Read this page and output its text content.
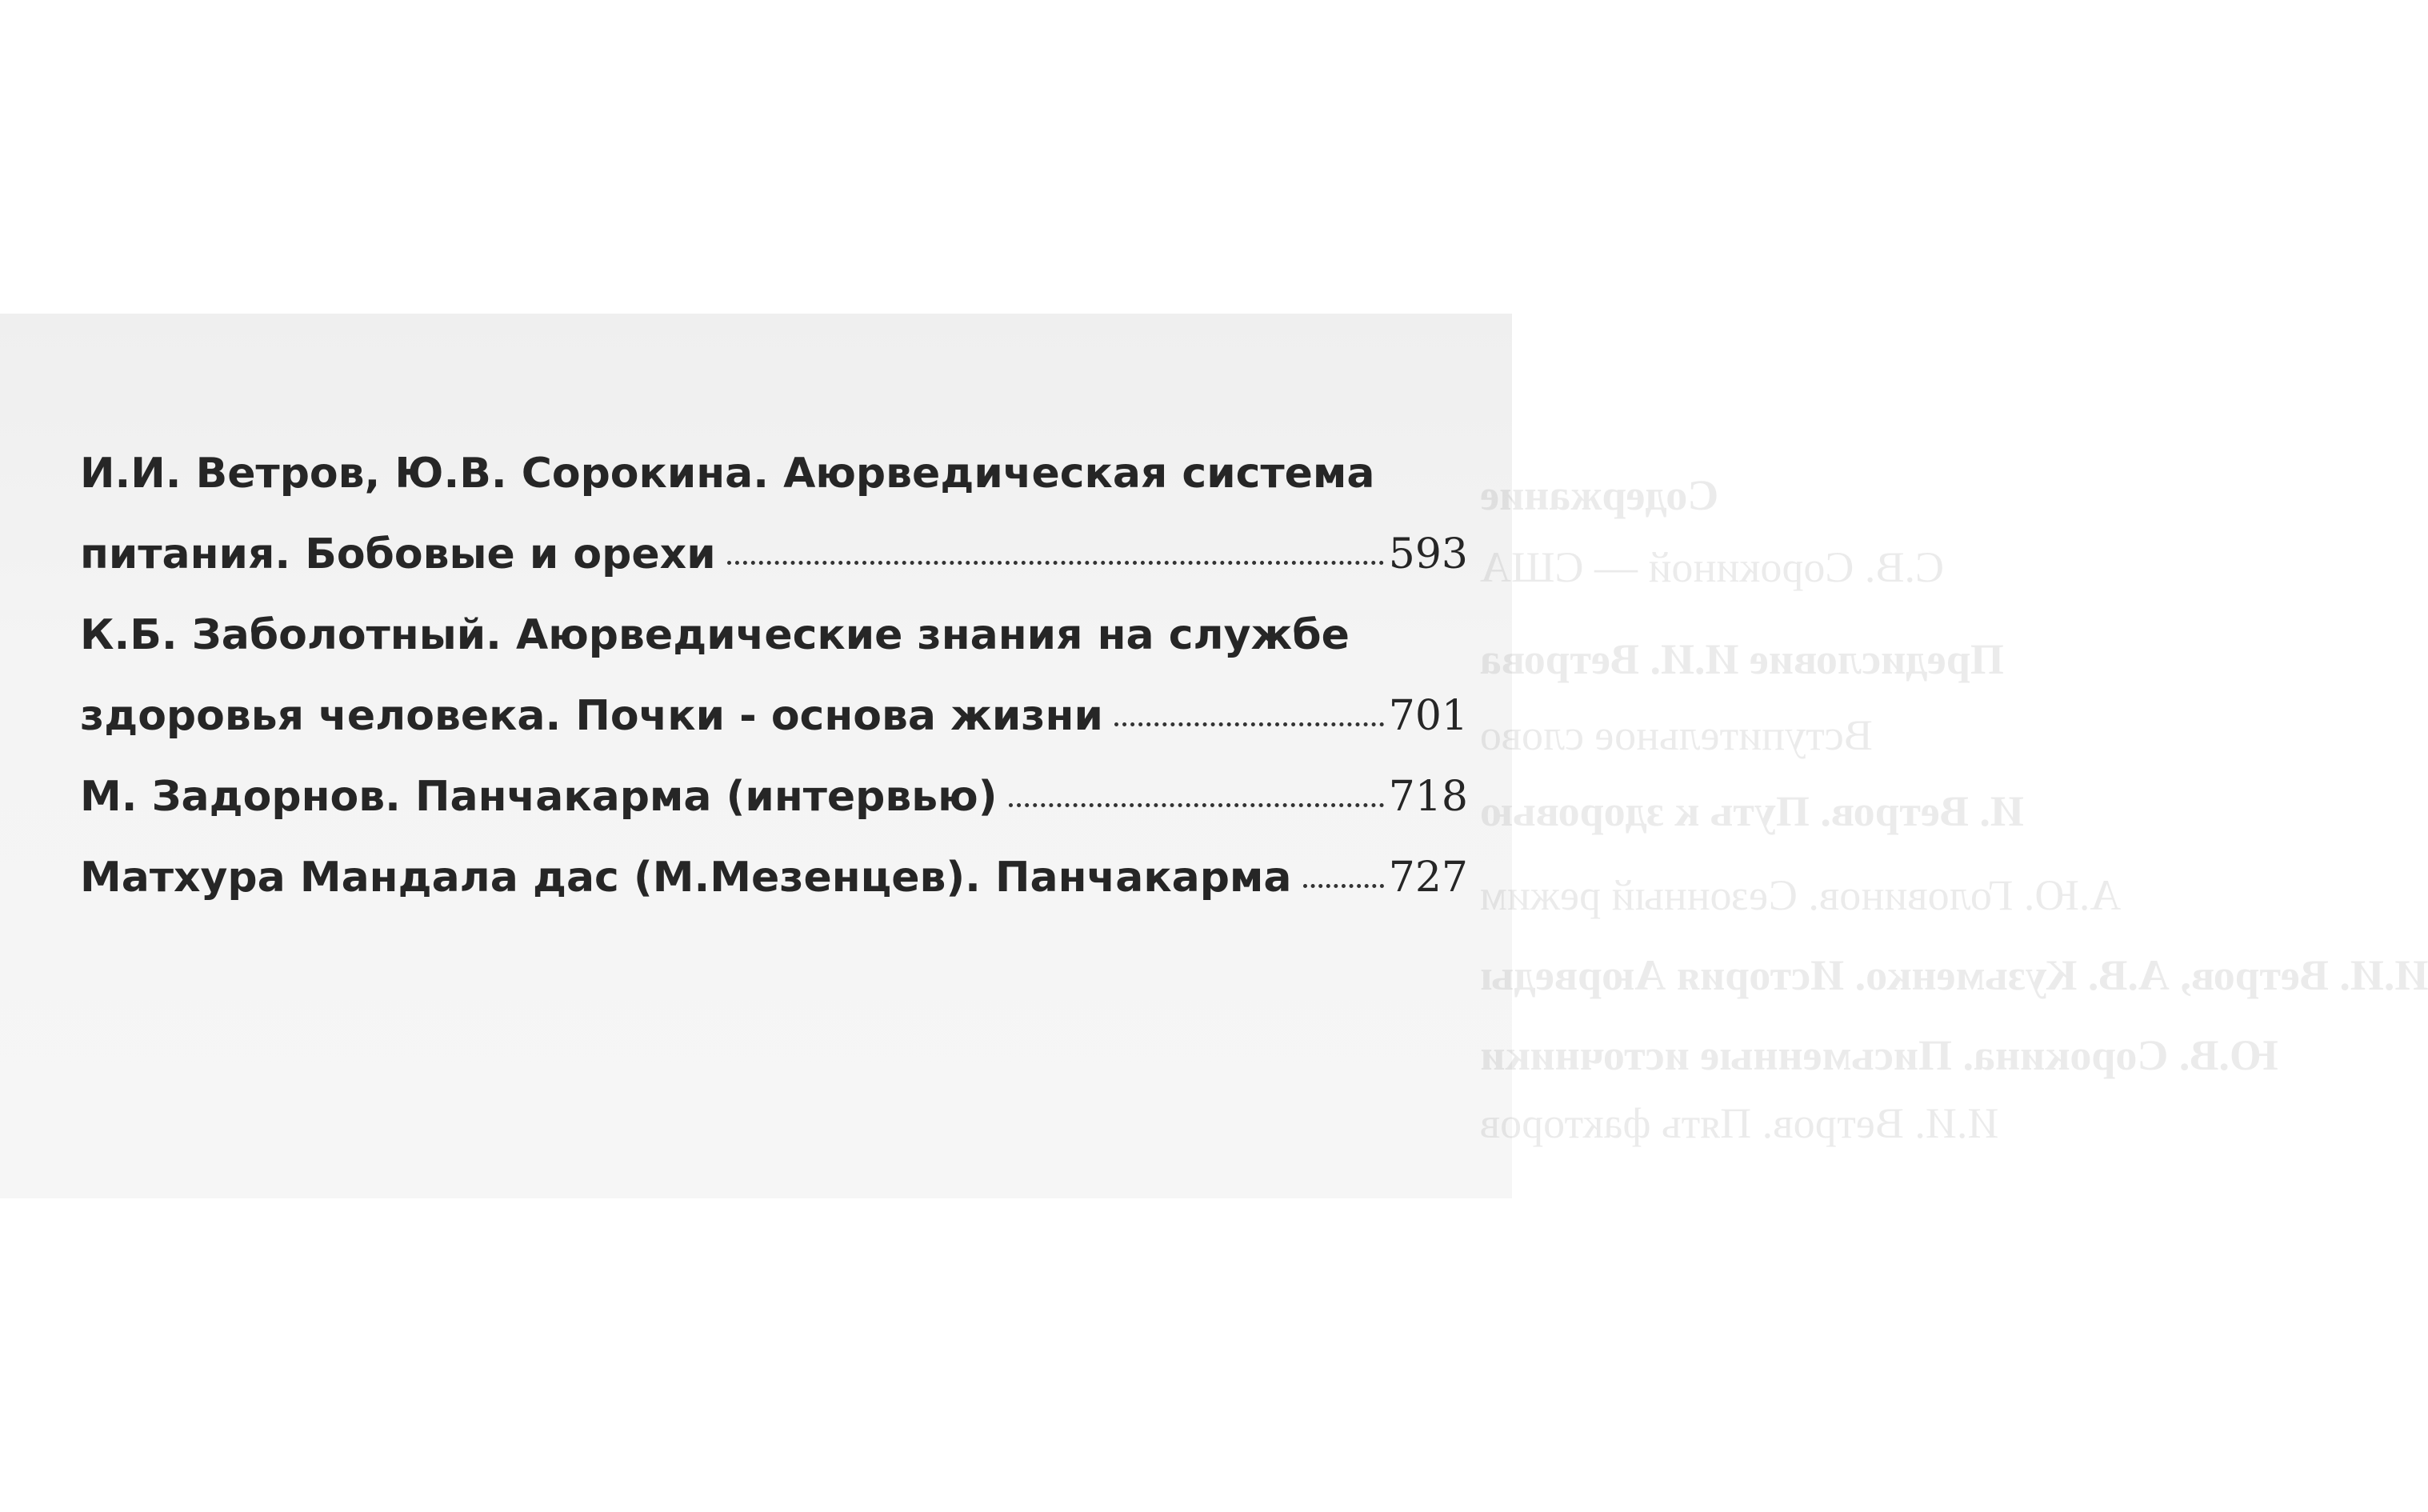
Содержание
С.В. Сорокиной — США
Предисловие И.И. Ветрова
Вступительное слово
И. Ветров. Путь к здоровью
А.Ю. Головинов. Сезонный режим
И.И. Ветров, А.В. Кузьменко. История Аюрведы
Ю.В. Сорокина. Письменные источники
И.И. Ветров. Пять факторов
И.И. Ветров, Ю.В. Сорокина. Аюрведическая система
питания. Бобовые и орехи	593
К.Б. Заболотный. Аюрведические знания на службе
здоровья человека. Почки - основа жизни	701
М. Задорнов. Панчакарма (интервью)	718
Матхура Мандала дас (М.Мезенцев). Панчакарма 727
